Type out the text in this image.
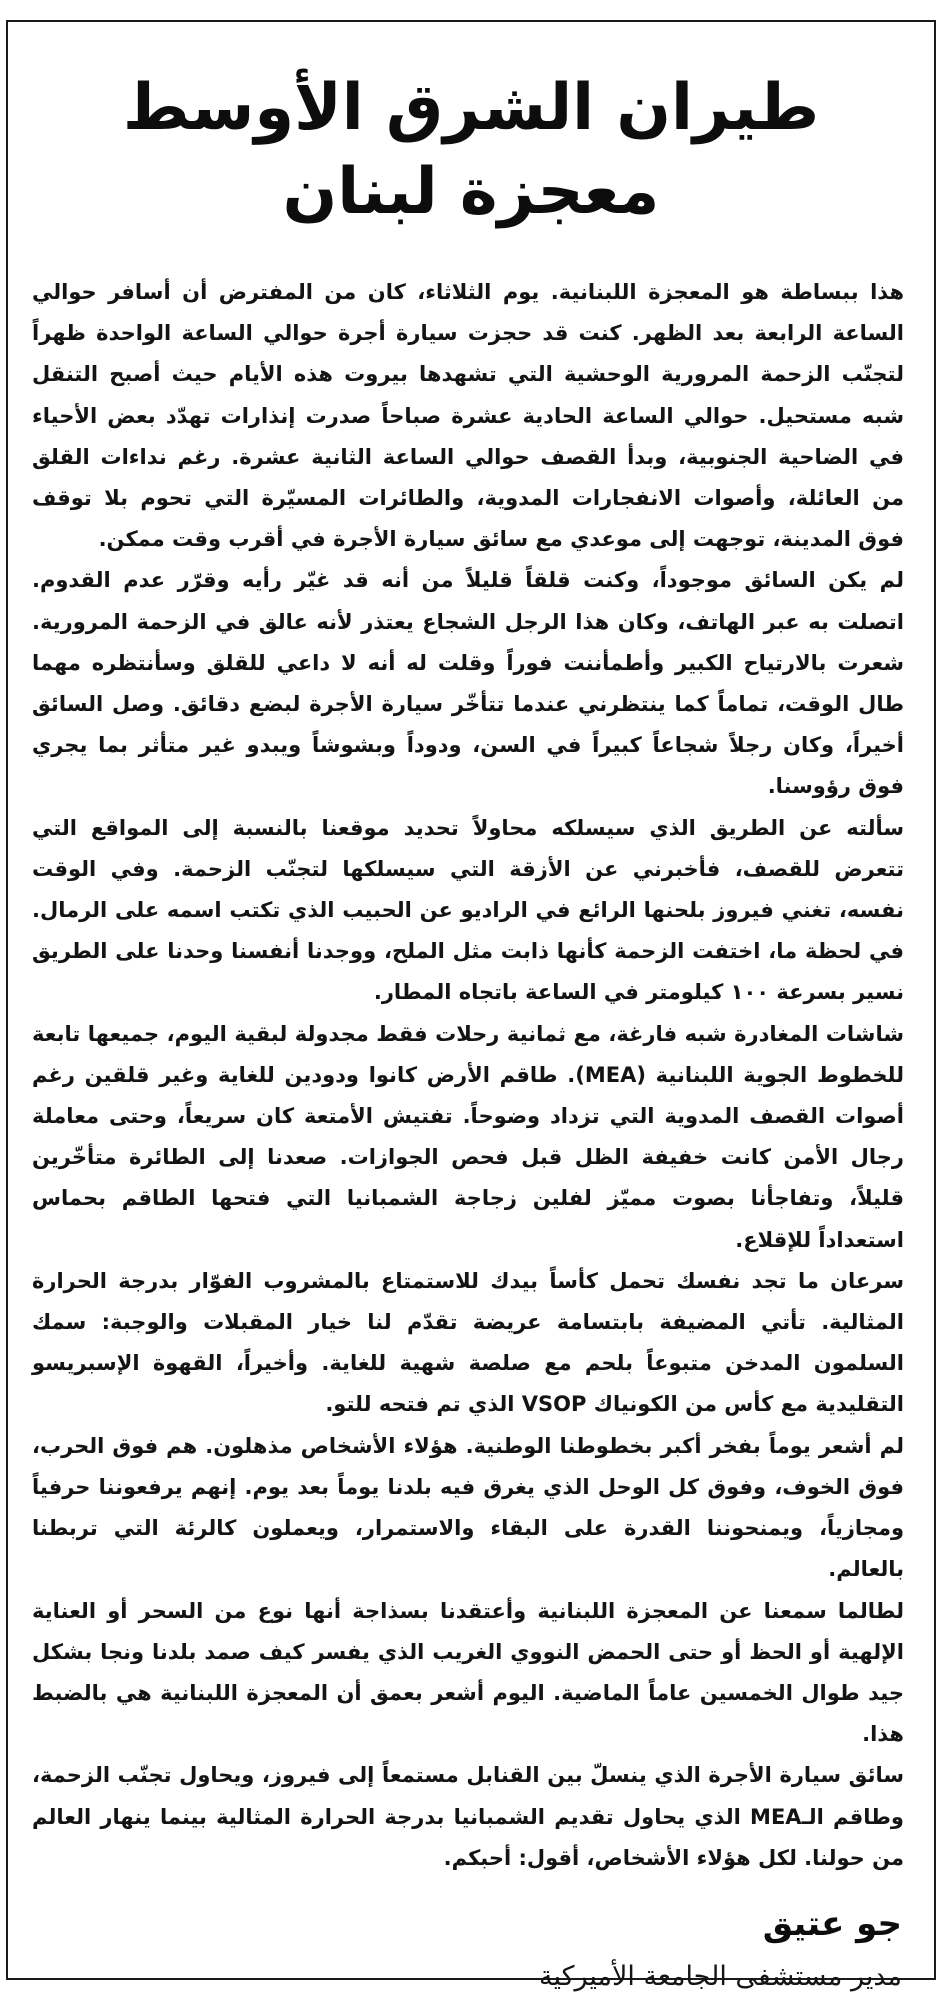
طيران الشرق الأوسط معجزة لبنان

هذا ببساطة هو المعجزة اللبنانية. يوم الثلاثاء، كان من المفترض أن أسافر حوالي الساعة الرابعة بعد الظهر. كنت قد حجزت سيارة أجرة حوالي الساعة الواحدة ظهراً لتجنّب الزحمة المرورية الوحشية التي تشهدها بيروت هذه الأيام حيث أصبح التنقل شبه مستحيل. حوالي الساعة الحادية عشرة صباحاً صدرت إنذارات تهدّد بعض الأحياء في الضاحية الجنوبية، وبدأ القصف حوالي الساعة الثانية عشرة. رغم نداءات القلق من العائلة، وأصوات الانفجارات المدوية، والطائرات المسيّرة التي تحوم بلا توقف فوق المدينة، توجهت إلى موعدي مع سائق سيارة الأجرة في أقرب وقت ممكن.

لم يكن السائق موجوداً، وكنت قلقاً قليلاً من أنه قد غيّر رأيه وقرّر عدم القدوم. اتصلت به عبر الهاتف، وكان هذا الرجل الشجاع يعتذر لأنه عالق في الزحمة المرورية. شعرت بالارتياح الكبير وأطمأننت فوراً وقلت له أنه لا داعي للقلق وسأنتظره مهما طال الوقت، تماماً كما ينتظرني عندما تتأخّر سيارة الأجرة لبضع دقائق. وصل السائق أخيراً، وكان رجلاً شجاعاً كبيراً في السن، ودوداً وبشوشاً ويبدو غير متأثر بما يجري فوق رؤوسنا.

سألته عن الطريق الذي سيسلكه محاولاً تحديد موقعنا بالنسبة إلى المواقع التي تتعرض للقصف، فأخبرني عن الأزقة التي سيسلكها لتجنّب الزحمة. وفي الوقت نفسه، تغني فيروز بلحنها الرائع في الراديو عن الحبيب الذي تكتب اسمه على الرمال. في لحظة ما، اختفت الزحمة كأنها ذابت مثل الملح، ووجدنا أنفسنا وحدنا على الطريق نسير بسرعة ١٠٠ كيلومتر في الساعة باتجاه المطار.

شاشات المغادرة شبه فارغة، مع ثمانية رحلات فقط مجدولة لبقية اليوم، جميعها تابعة للخطوط الجوية اللبنانية (MEA). طاقم الأرض كانوا ودودين للغاية وغير قلقين رغم أصوات القصف المدوية التي تزداد وضوحاً. تفتيش الأمتعة كان سريعاً، وحتى معاملة رجال الأمن كانت خفيفة الظل قبل فحص الجوازات. صعدنا إلى الطائرة متأخّرين قليلاً، وتفاجأنا بصوت مميّز لفلين زجاجة الشمبانيا التي فتحها الطاقم بحماس استعداداً للإقلاع.

سرعان ما تجد نفسك تحمل كأساً بيدك للاستمتاع بالمشروب الفوّار بدرجة الحرارة المثالية. تأتي المضيفة بابتسامة عريضة تقدّم لنا خيار المقبلات والوجبة: سمك السلمون المدخن متبوعاً بلحم مع صلصة شهية للغاية. وأخيراً، القهوة الإسبريسو التقليدية مع كأس من الكونياك VSOP الذي تم فتحه للتو.

لم أشعر يوماً بفخر أكبر بخطوطنا الوطنية. هؤلاء الأشخاص مذهلون. هم فوق الحرب، فوق الخوف، وفوق كل الوحل الذي يغرق فيه بلدنا يوماً بعد يوم. إنهم يرفعوننا حرفياً ومجازياً، ويمنحوننا القدرة على البقاء والاستمرار، ويعملون كالرئة التي تربطنا بالعالم.

لطالما سمعنا عن المعجزة اللبنانية وأعتقدنا بسذاجة أنها نوع من السحر أو العناية الإلهية أو الحظ أو حتى الحمض النووي الغريب الذي يفسر كيف صمد بلدنا ونجا بشكل جيد طوال الخمسين عاماً الماضية. اليوم أشعر بعمق أن المعجزة اللبنانية هي بالضبط هذا.

سائق سيارة الأجرة الذي ينسلّ بين القنابل مستمعاً إلى فيروز، ويحاول تجنّب الزحمة، وطاقم الـMEA الذي يحاول تقديم الشمبانيا بدرجة الحرارة المثالية بينما ينهار العالم من حولنا. لكل هؤلاء الأشخاص، أقول: أحبكم.

جو عتيق
مدير مستشفى الجامعة الأميركية
